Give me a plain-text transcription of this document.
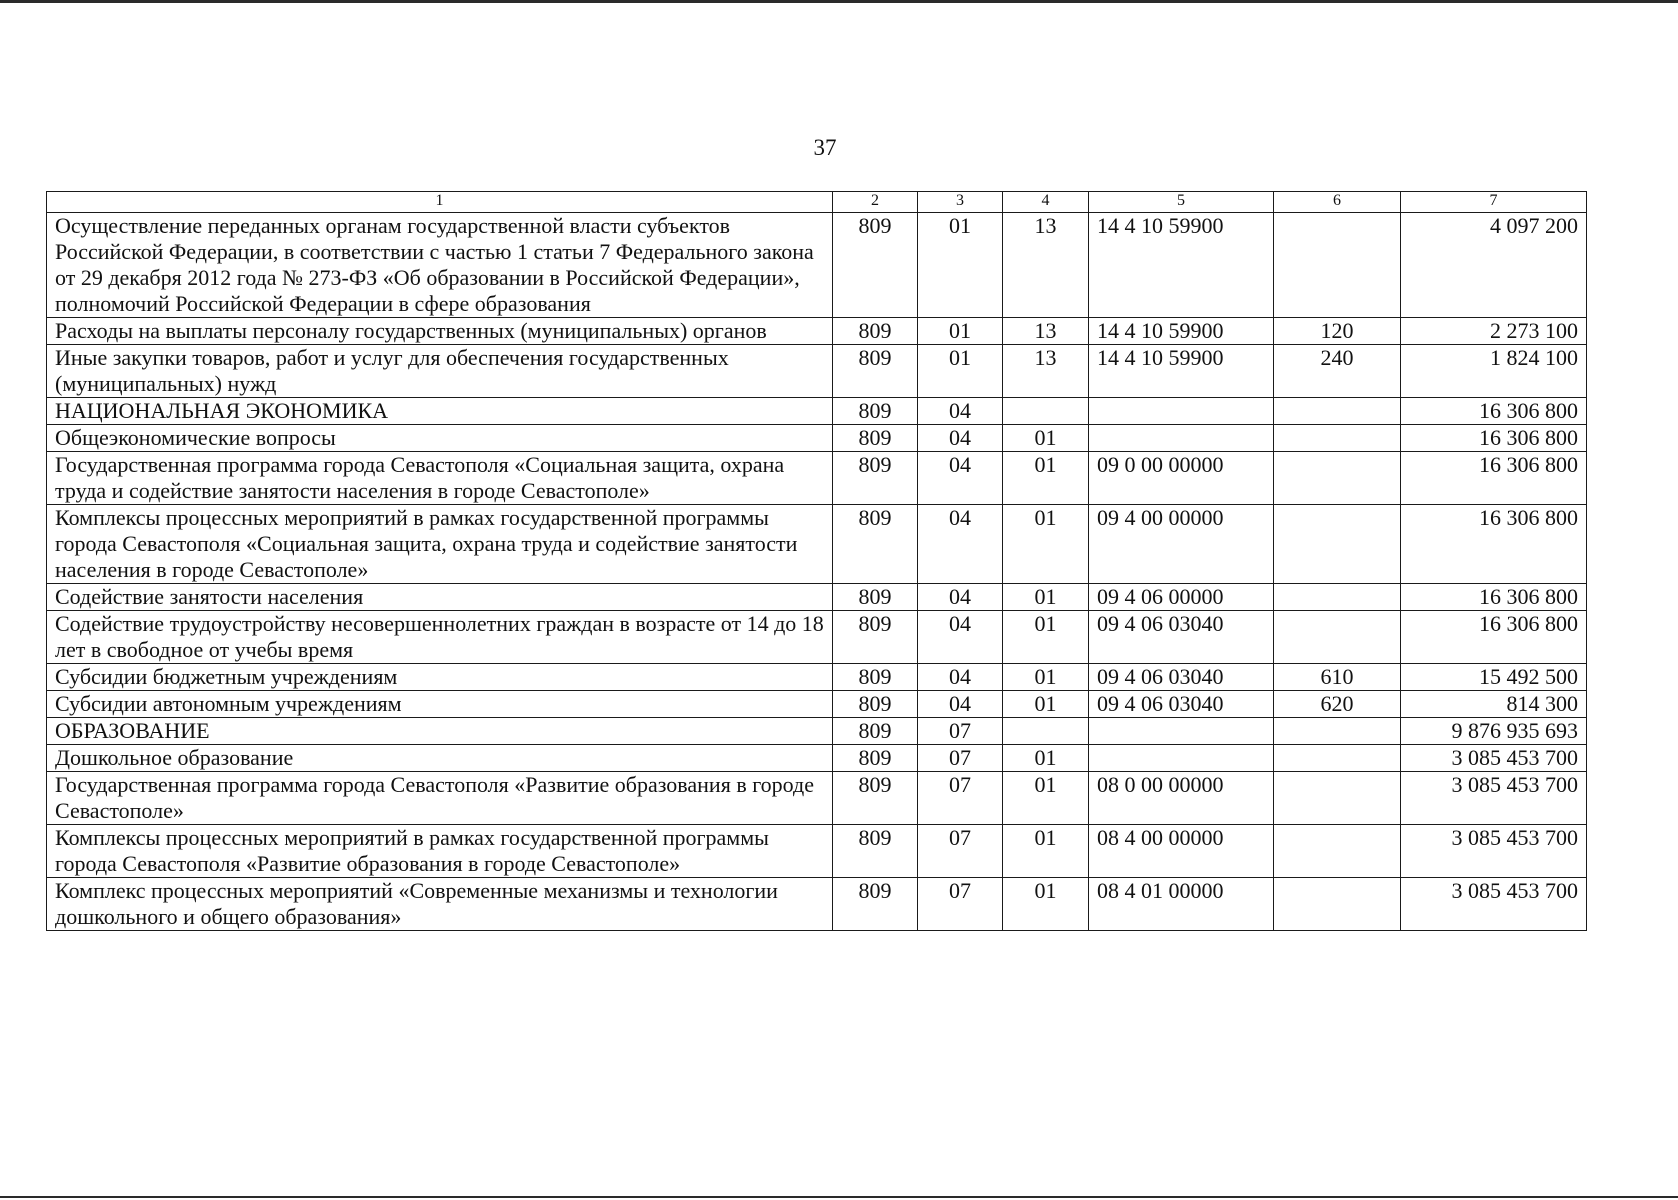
37
1	2	3	4	5	6	7
Осуществление переданных органам государственной власти субъектов Российской Федерации, в соответствии с частью 1 статьи 7 Федерального закона от 29 декабря 2012 года № 273-ФЗ «Об образовании в Российской Федерации», полномочий Российской Федерации в сфере образования	809	01	13	14 4 10 59900		4 097 200
Расходы на выплаты персоналу государственных (муниципальных) органов	809	01	13	14 4 10 59900	120	2 273 100
Иные закупки товаров, работ и услуг для обеспечения государственных (муниципальных) нужд	809	01	13	14 4 10 59900	240	1 824 100
НАЦИОНАЛЬНАЯ ЭКОНОМИКА	809	04				16 306 800
Общеэкономические вопросы	809	04	01			16 306 800
Государственная программа города Севастополя «Социальная защита, охрана труда и содействие занятости населения в городе Севастополе»	809	04	01	09 0 00 00000		16 306 800
Комплексы процессных мероприятий в рамках государственной программы города Севастополя «Социальная защита, охрана труда и содействие занятости населения в городе Севастополе»	809	04	01	09 4 00 00000		16 306 800
Содействие занятости населения	809	04	01	09 4 06 00000		16 306 800
Содействие трудоустройству несовершеннолетних граждан в возрасте от 14 до 18 лет в свободное от учебы время	809	04	01	09 4 06 03040		16 306 800
Субсидии бюджетным учреждениям	809	04	01	09 4 06 03040	610	15 492 500
Субсидии автономным учреждениям	809	04	01	09 4 06 03040	620	814 300
ОБРАЗОВАНИЕ	809	07				9 876 935 693
Дошкольное образование	809	07	01			3 085 453 700
Государственная программа города Севастополя «Развитие образования в городе Севастополе»	809	07	01	08 0 00 00000		3 085 453 700
Комплексы процессных мероприятий в рамках государственной программы города Севастополя «Развитие образования в городе Севастополе»	809	07	01	08 4 00 00000		3 085 453 700
Комплекс процессных мероприятий «Современные механизмы и технологии дошкольного и общего образования»	809	07	01	08 4 01 00000		3 085 453 700
